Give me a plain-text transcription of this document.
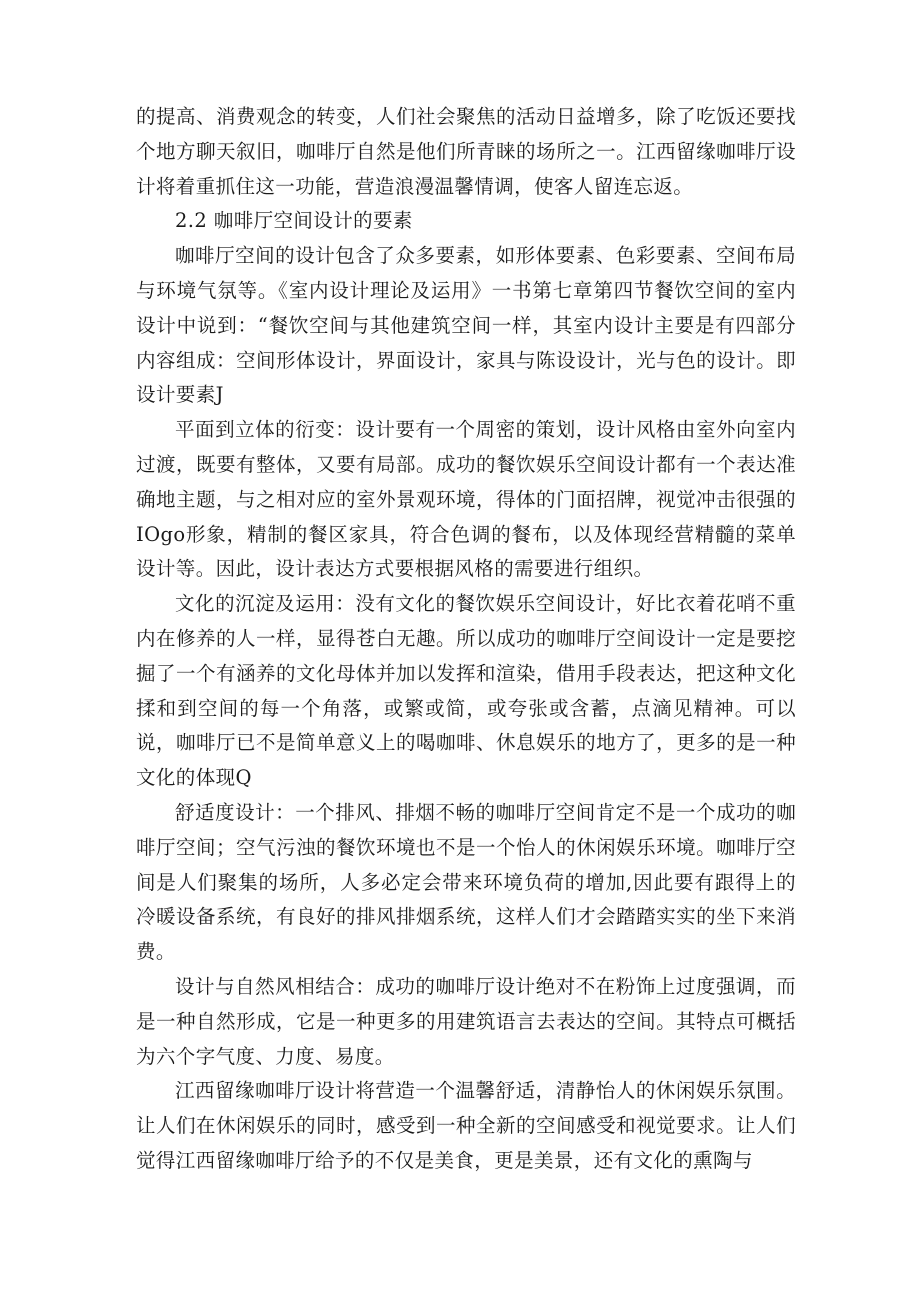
的提高、消费观念的转变，人们社会聚焦的活动日益增多，除了吃饭还要找个地方聊天叙旧，咖啡厅自然是他们所青睐的场所之一。江西留缘咖啡厅设计将着重抓住这一功能，营造浪漫温馨情调，使客人留连忘返。

2.2 咖啡厅空间设计的要素

咖啡厅空间的设计包含了众多要素，如形体要素、色彩要素、空间布局与环境气氛等。《室内设计理论及运用》一书第七章第四节餐饮空间的室内设计中说到：“餐饮空间与其他建筑空间一样，其室内设计主要是有四部分内容组成：空间形体设计，界面设计，家具与陈设设计，光与色的设计。即设计要素J

平面到立体的衍变：设计要有一个周密的策划，设计风格由室外向室内过渡，既要有整体，又要有局部。成功的餐饮娱乐空间设计都有一个表达准确地主题，与之相对应的室外景观环境，得体的门面招牌，视觉冲击很强的IOgo形象，精制的餐区家具，符合色调的餐布，以及体现经营精髓的菜单设计等。因此，设计表达方式要根据风格的需要进行组织。

文化的沉淀及运用：没有文化的餐饮娱乐空间设计，好比衣着花哨不重内在修养的人一样，显得苍白无趣。所以成功的咖啡厅空间设计一定是要挖掘了一个有涵养的文化母体并加以发挥和渲染，借用手段表达，把这种文化揉和到空间的每一个角落，或繁或简，或夸张或含蓄，点滴见精神。可以说，咖啡厅已不是简单意义上的喝咖啡、休息娱乐的地方了，更多的是一种文化的体现Q

舒适度设计：一个排风、排烟不畅的咖啡厅空间肯定不是一个成功的咖啡厅空间；空气污浊的餐饮环境也不是一个怡人的休闲娱乐环境。咖啡厅空间是人们聚集的场所，人多必定会带来环境负荷的增加,因此要有跟得上的冷暖设备系统，有良好的排风排烟系统，这样人们才会踏踏实实的坐下来消费。

设计与自然风相结合：成功的咖啡厅设计绝对不在粉饰上过度强调，而是一种自然形成，它是一种更多的用建筑语言去表达的空间。其特点可概括为六个字气度、力度、易度。

江西留缘咖啡厅设计将营造一个温馨舒适，清静怡人的休闲娱乐氛围。让人们在休闲娱乐的同时，感受到一种全新的空间感受和视觉要求。让人们觉得江西留缘咖啡厅给予的不仅是美食，更是美景，还有文化的熏陶与
